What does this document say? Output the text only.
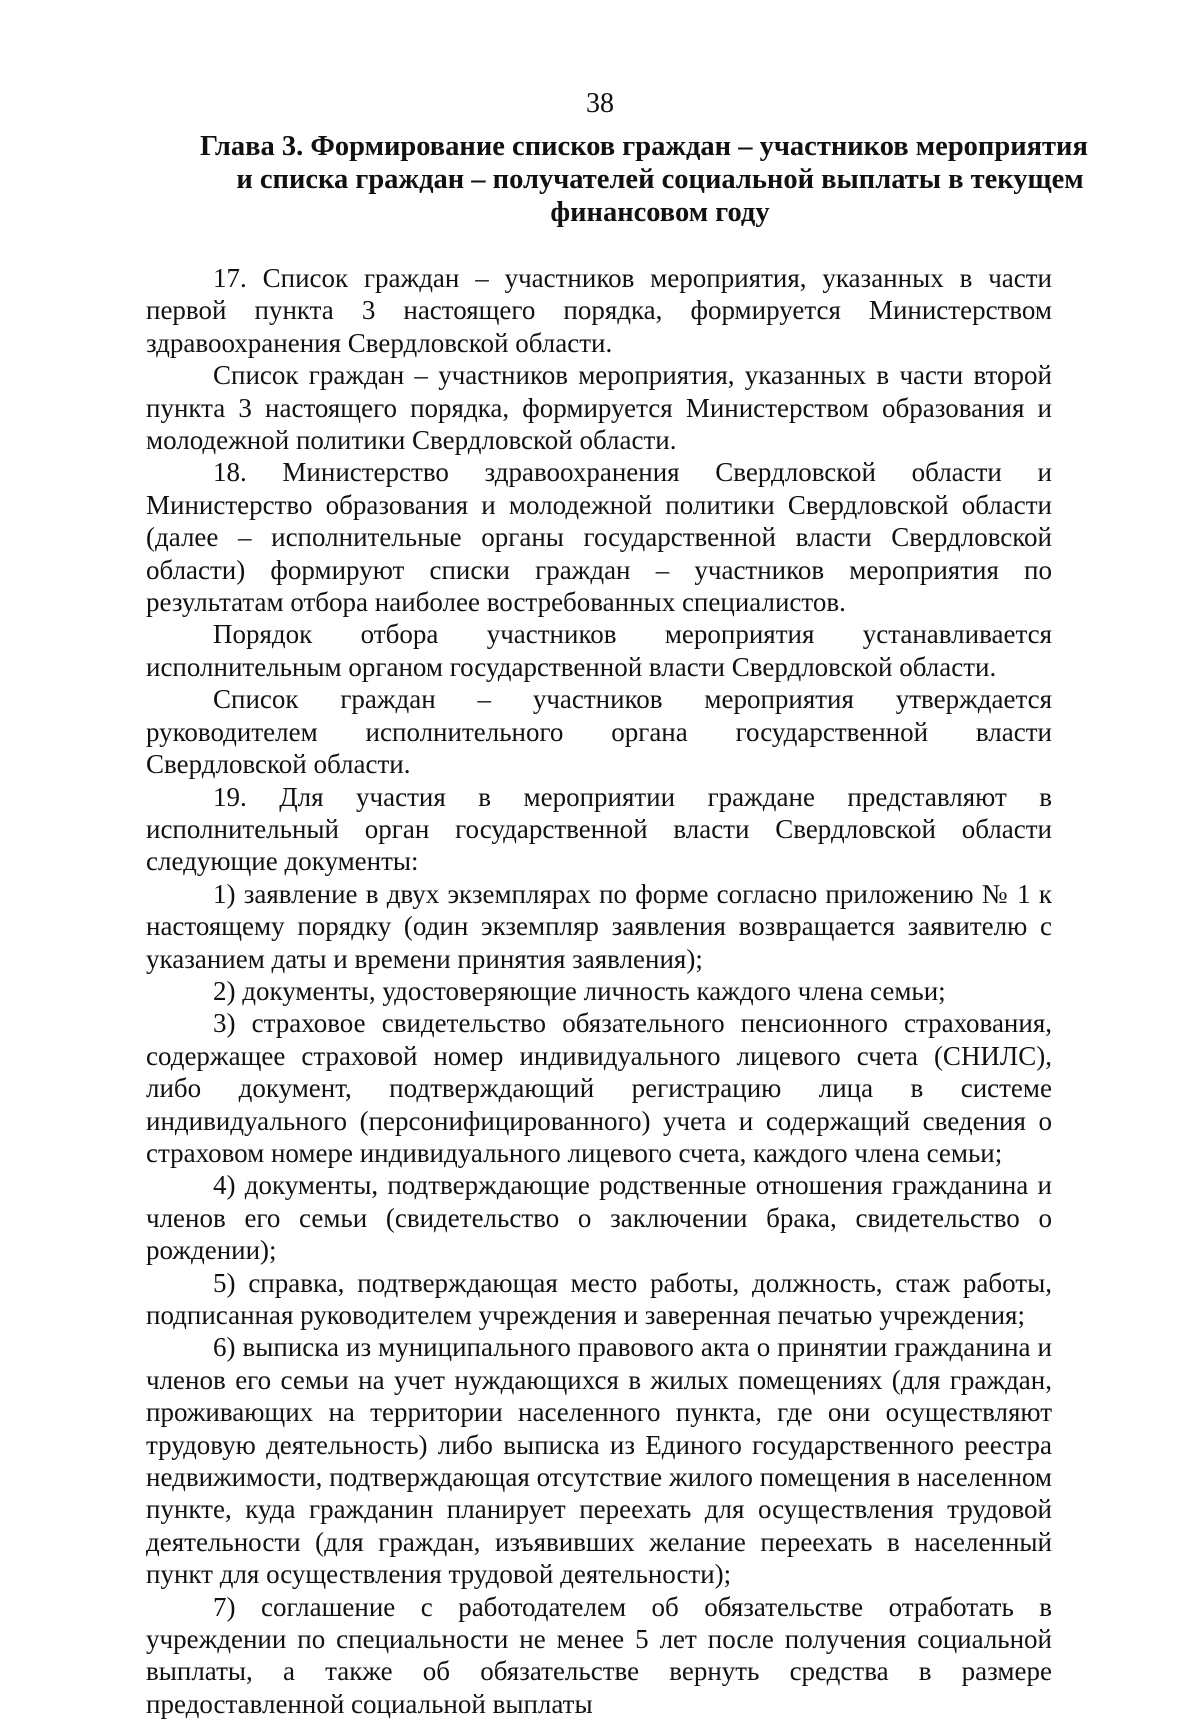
38
Глава 3. Формирование списков граждан – участников мероприятия
и списка граждан – получателей социальной выплаты в текущем
финансовом году

17. Список граждан – участников мероприятия, указанных в части первой пункта 3 настоящего порядка, формируется Министерством здравоохранения Свердловской области.

Список граждан – участников мероприятия, указанных в части второй пункта 3 настоящего порядка, формируется Министерством образования и молодежной политики Свердловской области.

18. Министерство здравоохранения Свердловской области и Министерство образования и молодежной политики Свердловской области (далее – исполнительные органы государственной власти Свердловской области) формируют списки граждан – участников мероприятия по результатам отбора наиболее востребованных специалистов.

Порядок отбора участников мероприятия устанавливается исполнительным органом государственной власти Свердловской области.

Список граждан – участников мероприятия утверждается руководителем исполнительного органа государственной власти Свердловской области.

19. Для участия в мероприятии граждане представляют в исполнительный орган государственной власти Свердловской области следующие документы:

1) заявление в двух экземплярах по форме согласно приложению № 1 к настоящему порядку (один экземпляр заявления возвращается заявителю с указанием даты и времени принятия заявления);

2) документы, удостоверяющие личность каждого члена семьи;

3) страховое свидетельство обязательного пенсионного страхования, содержащее страховой номер индивидуального лицевого счета (СНИЛС), либо документ, подтверждающий регистрацию лица в системе индивидуального (персонифицированного) учета и содержащий сведения о страховом номере индивидуального лицевого счета, каждого члена семьи;

4) документы, подтверждающие родственные отношения гражданина и членов его семьи (свидетельство о заключении брака, свидетельство о рождении);

5) справка, подтверждающая место работы, должность, стаж работы, подписанная руководителем учреждения и заверенная печатью учреждения;

6) выписка из муниципального правового акта о принятии гражданина и членов его семьи на учет нуждающихся в жилых помещениях (для граждан, проживающих на территории населенного пункта, где они осуществляют трудовую деятельность) либо выписка из Единого государственного реестра недвижимости, подтверждающая отсутствие жилого помещения в населенном пункте, куда гражданин планирует переехать для осуществления трудовой деятельности (для граждан, изъявивших желание переехать в населенный пункт для осуществления трудовой деятельности);

7) соглашение с работодателем об обязательстве отработать в учреждении по специальности не менее 5 лет после получения социальной выплаты, а также об обязательстве вернуть средства в размере предоставленной социальной выплаты
